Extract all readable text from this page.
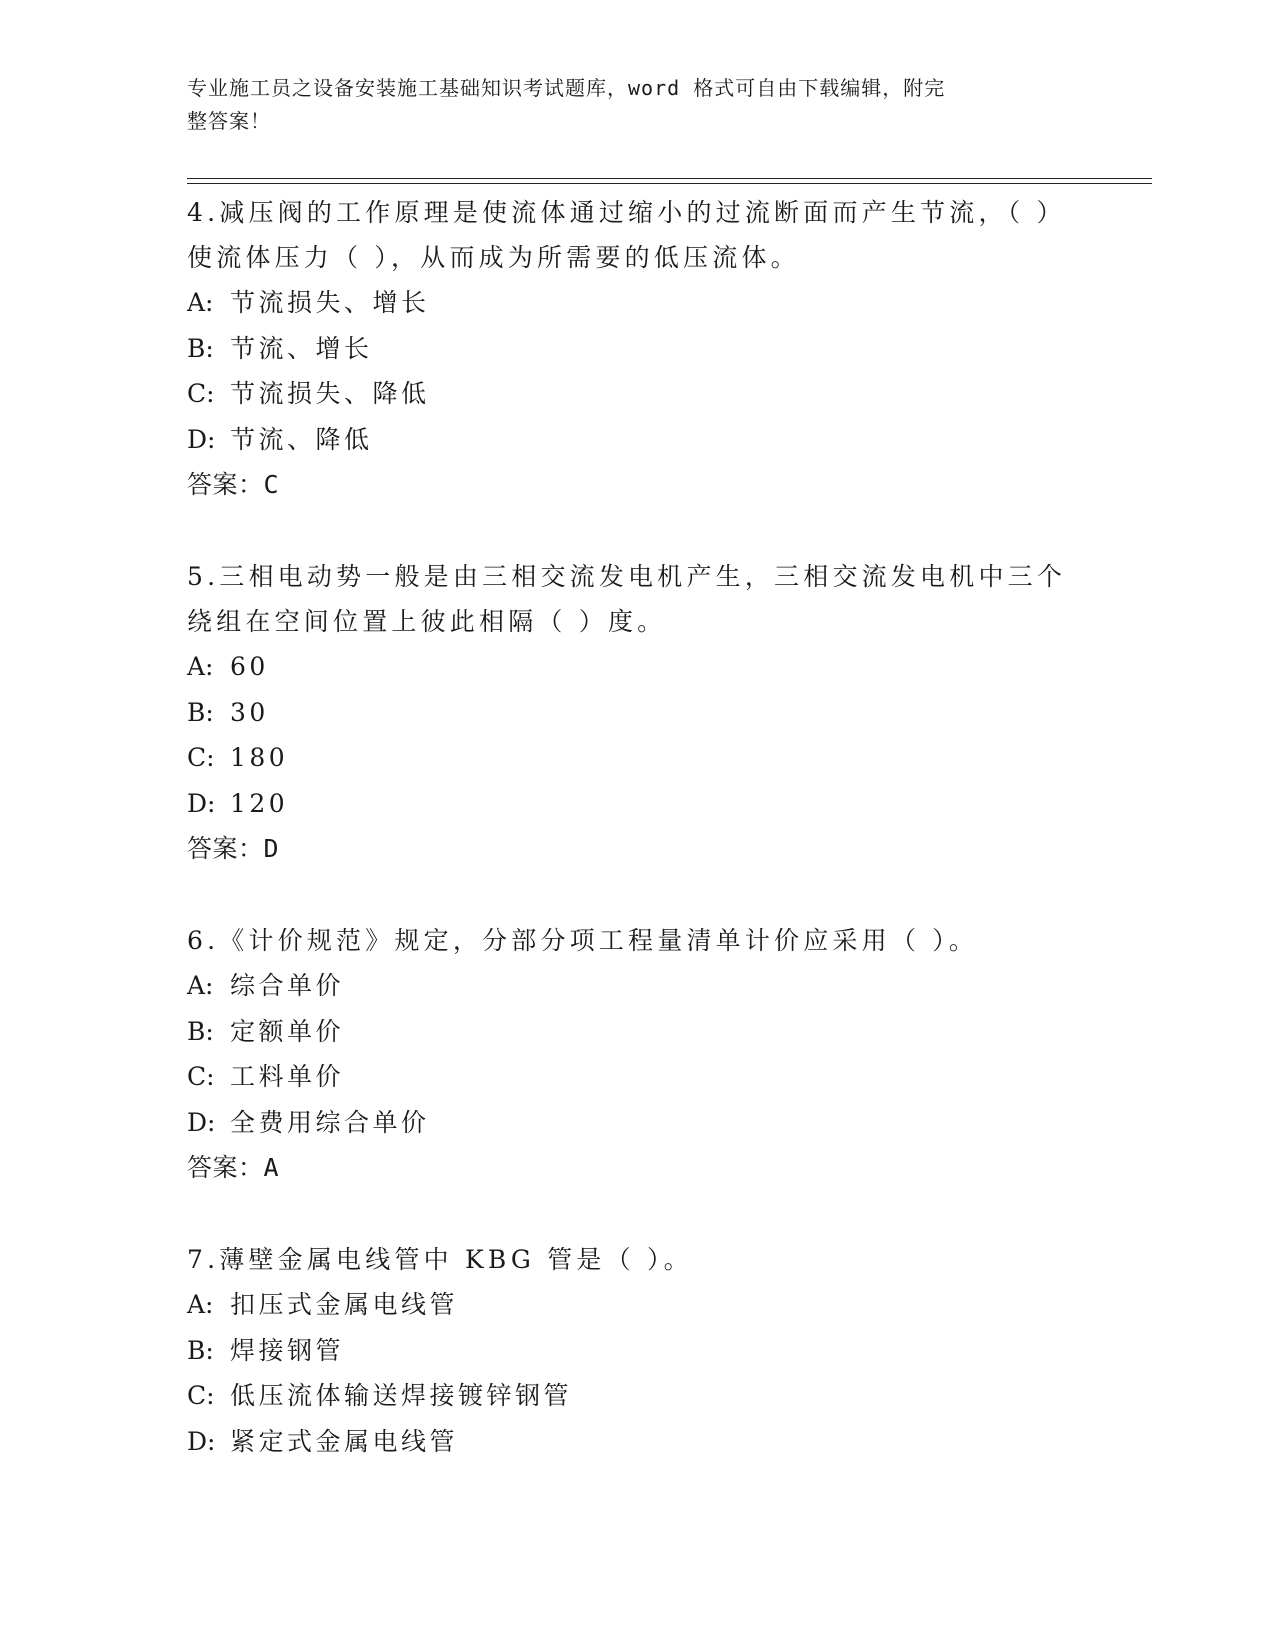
专业施工员之设备安装施工基础知识考试题库，word 格式可自由下载编辑，附完
整答案！

4.减压阀的工作原理是使流体通过缩小的过流断面而产生节流，（ ）

使流体压力（ ），从而成为所需要的低压流体。

A: 节流损失、增长

B: 节流、增长

C: 节流损失、降低

D: 节流、降低

答案：C

5.三相电动势一般是由三相交流发电机产生，三相交流发电机中三个

绕组在空间位置上彼此相隔（ ）度。

A: 60

B: 30

C: 180

D: 120

答案：D

6.《计价规范》规定，分部分项工程量清单计价应采用（ ）。

A: 综合单价

B: 定额单价

C: 工料单价

D: 全费用综合单价

答案：A

7.薄壁金属电线管中 KBG 管是（ ）。

A: 扣压式金属电线管

B: 焊接钢管

C: 低压流体输送焊接镀锌钢管

D: 紧定式金属电线管
